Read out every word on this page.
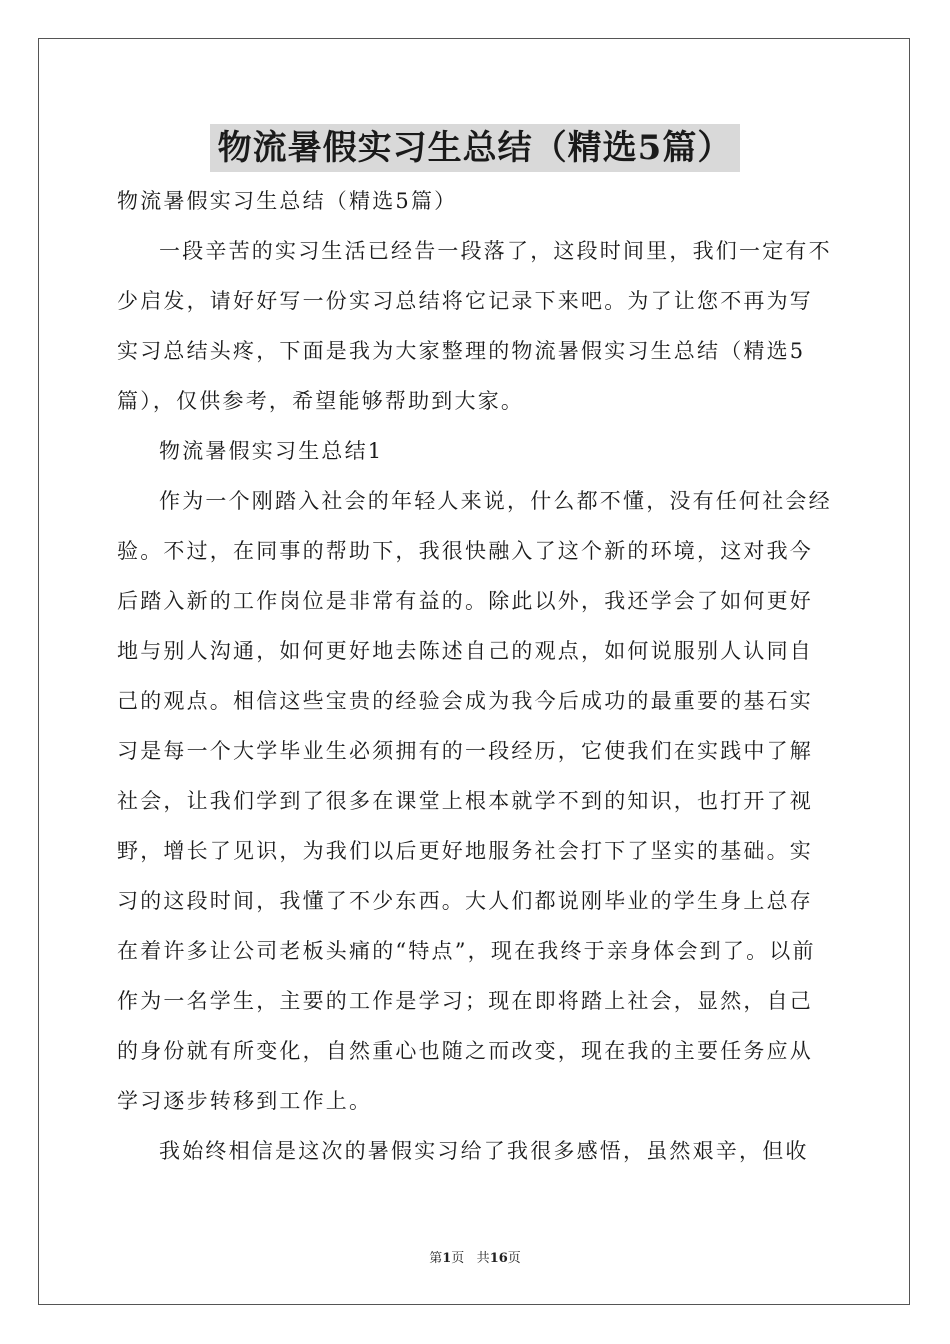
物流暑假实习生总结（精选5篇）

物流暑假实习生总结（精选5篇）

一段辛苦的实习生活已经告一段落了，这段时间里，我们一定有不少启发，请好好写一份实习总结将它记录下来吧。为了让您不再为写实习总结头疼，下面是我为大家整理的物流暑假实习生总结（精选5篇），仅供参考，希望能够帮助到大家。

物流暑假实习生总结1

作为一个刚踏入社会的年轻人来说，什么都不懂，没有任何社会经验。不过，在同事的帮助下，我很快融入了这个新的环境，这对我今后踏入新的工作岗位是非常有益的。除此以外，我还学会了如何更好地与别人沟通，如何更好地去陈述自己的观点，如何说服别人认同自己的观点。相信这些宝贵的经验会成为我今后成功的最重要的基石实习是每一个大学毕业生必须拥有的一段经历，它使我们在实践中了解社会，让我们学到了很多在课堂上根本就学不到的知识，也打开了视野，增长了见识，为我们以后更好地服务社会打下了坚实的基础。实习的这段时间，我懂了不少东西。大人们都说刚毕业的学生身上总存在着许多让公司老板头痛的“特点”，现在我终于亲身体会到了。以前作为一名学生，主要的工作是学习；现在即将踏上社会，显然，自己的身份就有所变化，自然重心也随之而改变，现在我的主要任务应从学习逐步转移到工作上。

我始终相信是这次的暑假实习给了我很多感悟，虽然艰辛，但收

第1页 共16页
